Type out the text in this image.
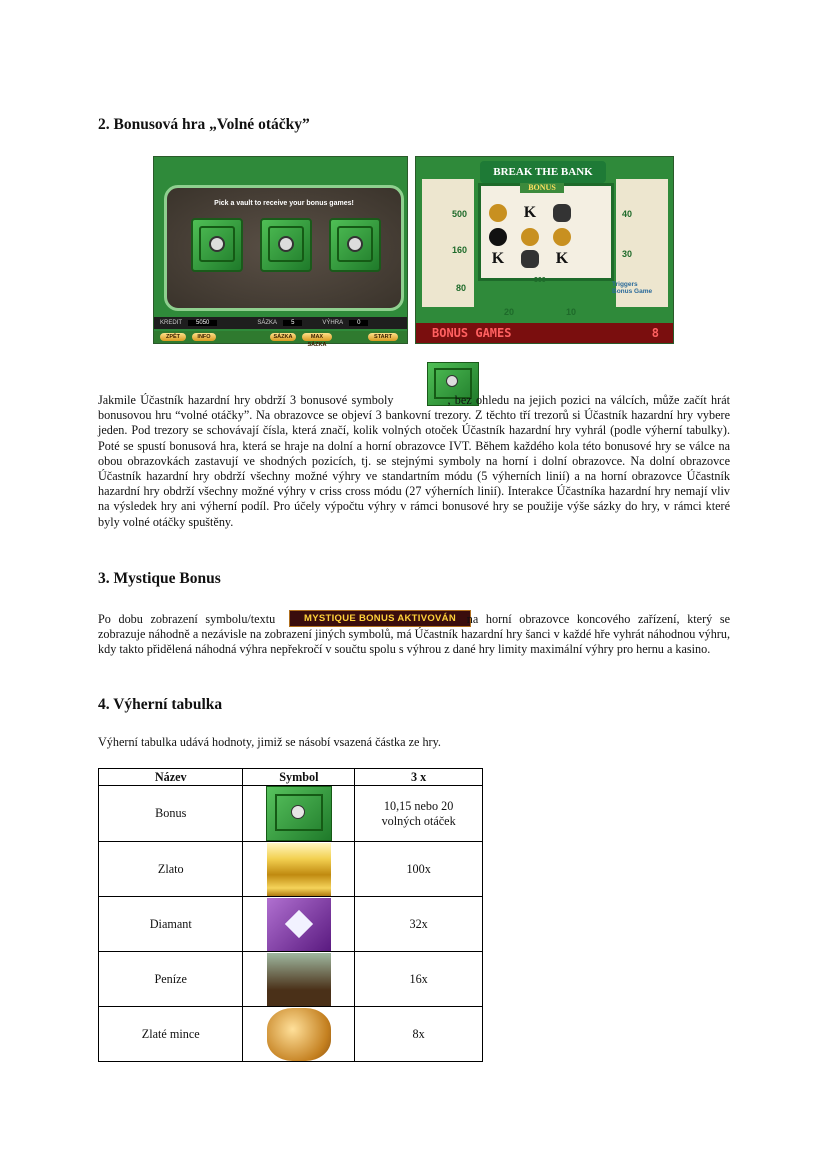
2. Bonusová hra „Volné otáčky”
Pick a vault to receive your bonus games!
KREDIT	5050	SÁZKA	5	VÝHRA	0
ZPĚT	INFO	SÁZKA	MAX SÁZKA
START
BREAK THE BANK
K
K	K
BONUS
500
160
80
40
30
20
300
10
Triggers Bonus Game
BONUS GAMES	8

Jakmile Účastník hazardní hry obdrží 3 bonusové symboly	, bez ohledu na jejich pozici na válcích, může začít hrát bonusovou hru “volné otáčky”. Na obrazovce se objeví 3 bankovní trezory. Z těchto tří trezorů si Účastník hazardní hry vybere jeden. Pod trezory se schovávají čísla, která značí, kolik volných otoček Účastník hazardní hry vyhrál (podle výherní tabulky). Poté se spustí bonusová hra, která se hraje na dolní a horní obrazovce IVT. Během každého kola této bonusové hry se válce na obou obrazovkách zastavují ve shodných pozicích, tj. se stejnými symboly na horní i dolní obrazovce. Na dolní obrazovce Účastník hazardní hry obdrží všechny možné výhry ve standartním módu (5 výherních linií) a na horní obrazovce Účastník hazardní hry obdrží všechny možné výhry v criss cross módu (27 výherních linií). Interakce Účastníka hazardní hry nemají vliv na výsledek hry ani výherní podíl. Pro účely výpočtu výhry v rámci bonusové hry se použije výše sázky do hry, v rámci které byly volné otáčky spuštěny.

3. Mystique Bonus
MYSTIQUE BONUS AKTIVOVÁN

Po dobu zobrazení symbolu/textu	na horní obrazovce koncového zařízení, který se zobrazuje náhodně a nezávisle na zobrazení jiných symbolů, má Účastník hazardní hry šanci v každé hře vyhrát náhodnou výhru, kdy takto přidělená náhodná výhra nepřekročí v součtu spolu s výhrou z dané hry limity maximální výhry pro hernu a kasino.

4. Výherní tabulka

Výherní tabulka udává hodnoty, jimiž se násobí vsazená částka ze hry.

Název	Symbol	3 x
Bonus		10,15 nebo 20 volných otáček
Zlato		100x
Diamant		32x
Peníze		16x
Zlaté mince		8x
